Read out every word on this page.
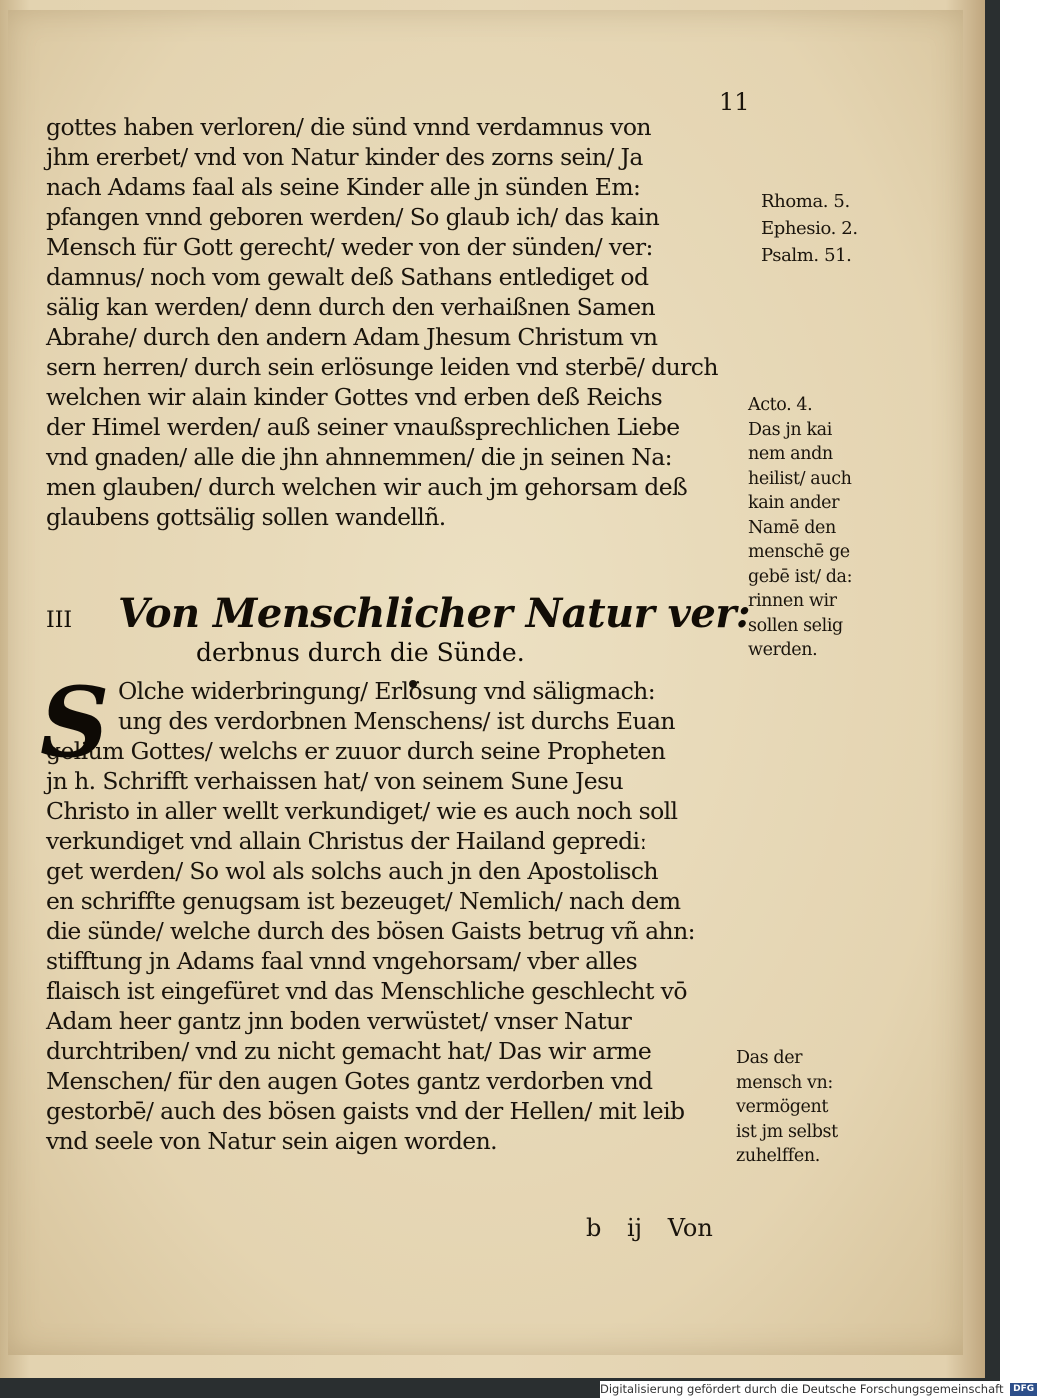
11
gottes haben verloren/ die sünd vnnd verdamnus von
jhm ererbet/ vnd von Natur kinder des zorns sein/ Ja
nach Adams faal als seine Kinder alle jn sünden Em:
pfangen vnnd geboren werden/ So glaub ich/ das kain
Mensch für Gott gerecht/ weder von der sünden/ ver:
damnus/ noch vom gewalt deß Sathans entlediget od
sälig kan werden/ denn durch den verhaißnen Samen
Abrahe/ durch den andern Adam Jhesum Christum vn
sern herren/ durch sein erlösunge leiden vnd sterbē/ durch
welchen wir alain kinder Gottes vnd erben deß Reichs
der Himel werden/ auß seiner vnaußsprechlichen Liebe
vnd gnaden/ alle die jhn ahnnemmen/ die jn seinen Na:
men glauben/ durch welchen wir auch jm gehorsam deß
glaubens gottsälig sollen wandellñ.
III Von Menschlicher Natur ver:
derbnus durch die Sünde.
S Olche widerbringung/ Erlösung vnd säligmach:
ung des verdorbnen Menschens/ ist durchs Euan
gelium Gottes/ welchs er zuuor durch seine Propheten
jn h. Schrifft verhaissen hat/ von seinem Sune Jesu
Christo in aller wellt verkundiget/ wie es auch noch soll
verkundiget vnd allain Christus der Hailand geprediː
get werden/ So wol als solchs auch jn den Apostolisch
en schriffte genugsam ist bezeuget/ Nemlich/ nach dem
die sünde/ welche durch des bösen Gaists betrug vñ ahn:
stifftung jn Adams faal vnnd vngehorsam/ vber alles
flaisch ist eingefüret vnd das Menschliche geschlecht vō
Adam heer gantz jnn boden verwüstet/ vnser Natur
durchtriben/ vnd zu nicht gemacht hat/ Das wir arme
Menschen/ für den augen Gotes gantz verdorben vnd
gestorbē/ auch des bösen gaists vnd der Hellen/ mit leib
vnd seele von Natur sein aigen worden.
b ij Von
Rhoma. 5.
Ephesio. 2.
Psalm. 51.
Acto. 4.
Das jn kai
nem andn
heilist/ auch
kain ander
Namē den
menschē ge
gebē ist/ da:
rinnen wir
sollen selig
werden.
Das der
mensch vn:
vermögent
ist jm selbst
zuhelffen.
Digitalisierung gefördert durch die Deutsche Forschungsgemeinschaft DFG
